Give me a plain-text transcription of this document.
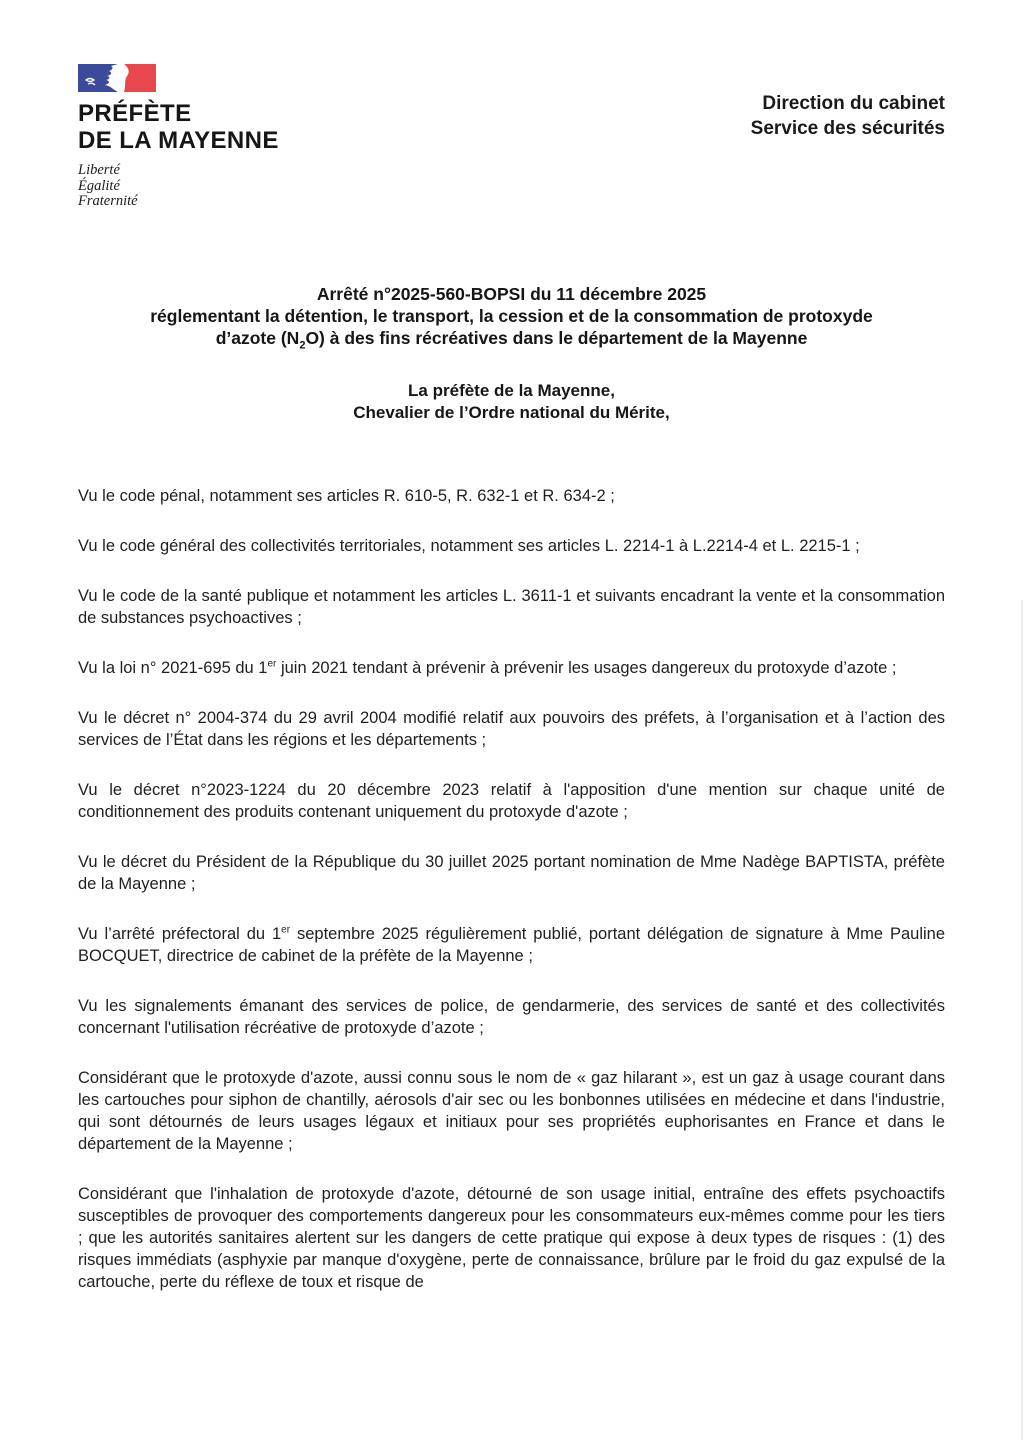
PRÉFÈTE
DE LA MAYENNE
Liberté
Égalité
Fraternité
Direction du cabinet
Service des sécurités
Arrêté n°2025-560-BOPSI du 11 décembre 2025
réglementant la détention, le transport, la cession et de la consommation de protoxyde
d’azote $(N_2O)$ à des fins récréatives dans le département de la Mayenne
La préfète de la Mayenne,
Chevalier de l’Ordre national du Mérite,

Vu le code pénal, notamment ses articles R. 610-5, R. 632-1 et R. 634-2 ;

Vu le code général des collectivités territoriales, notamment ses articles L. 2214-1 à L.2214-4 et L. 2215-1 ;

Vu le code de la santé publique et notamment les articles L. 3611-1 et suivants encadrant la vente et la consommation de substances psychoactives ;

Vu la loi n° 2021-695 du 1er juin 2021 tendant à prévenir à prévenir les usages dangereux du protoxyde d’azote ;

Vu le décret n° 2004-374 du 29 avril 2004 modifié relatif aux pouvoirs des préfets, à l’organisation et à l’action des services de l’État dans les régions et les départements ;

Vu le décret n°2023-1224 du 20 décembre 2023 relatif à l'apposition d'une mention sur chaque unité de conditionnement des produits contenant uniquement du protoxyde d'azote ;

Vu le décret du Président de la République du 30 juillet 2025 portant nomination de Mme Nadège BAPTISTA, préfète de la Mayenne ;

Vu l’arrêté préfectoral du 1er septembre 2025 régulièrement publié, portant délégation de signature à Mme Pauline BOCQUET, directrice de cabinet de la préfète de la Mayenne ;

Vu les signalements émanant des services de police, de gendarmerie, des services de santé et des collectivités concernant l'utilisation récréative de protoxyde d’azote ;

Considérant que le protoxyde d'azote, aussi connu sous le nom de « gaz hilarant », est un gaz à usage courant dans les cartouches pour siphon de chantilly, aérosols d'air sec ou les bonbonnes utilisées en médecine et dans l'industrie, qui sont détournés de leurs usages légaux et initiaux pour ses propriétés euphorisantes en France et dans le département de la Mayenne ;

Considérant que l'inhalation de protoxyde d'azote, détourné de son usage initial, entraîne des effets psychoactifs susceptibles de provoquer des comportements dangereux pour les consommateurs eux-mêmes comme pour les tiers ; que les autorités sanitaires alertent sur les dangers de cette pratique qui expose à deux types de risques : (1) des risques immédiats (asphyxie par manque d'oxygène, perte de connaissance, brûlure par le froid du gaz expulsé de la cartouche, perte du réflexe de toux et risque de
